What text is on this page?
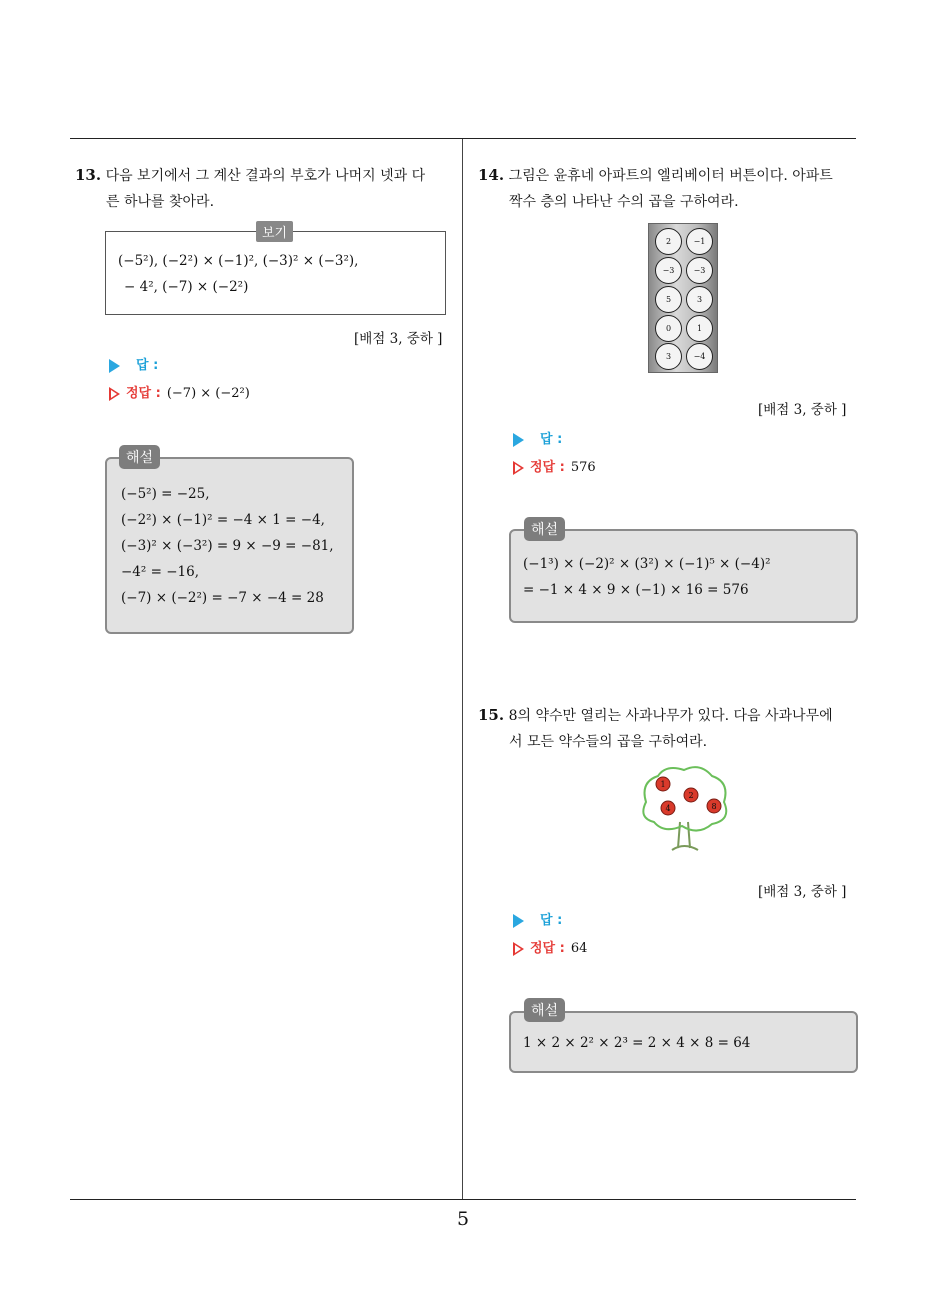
13. 다음 보기에서 그 계산 결과의 부호가 나머지 넷과 다
른 하나를 찾아라.
(−5²), (−2²) × (−1)², (−3)² × (−3²),
− 4², (−7) × (−2²)
보기
[배점 3, 중하 ]
답 :
정답 : (−7) × (−2²)
(−5²) = −25,
(−2²) × (−1)² = −4 × 1 = −4,
(−3)² × (−3²) = 9 × −9 = −81,
−4² = −16,
(−7) × (−2²) = −7 × −4 = 28
해설
14. 그림은 윤휴네 아파트의 엘리베이터 버튼이다. 아파트
짝수 층의 나타난 수의 곱을 구하여라.
2	−1
−3	−3
5	3
0	1
3	−4
[배점 3, 중하 ]
답 :
정답 : 576
(−1³) × (−2)² × (3²) × (−1)⁵ × (−4)²
= −1 × 4 × 9 × (−1) × 16 = 576
해설
15. 8의 약수만 열리는 사과나무가 있다. 다음 사과나무에
서 모든 약수들의 곱을 구하여라.
1
2
4	8
[배점 3, 중하 ]
답 :
정답 : 64
1 × 2 × 2² × 2³ = 2 × 4 × 8 = 64
해설
5
